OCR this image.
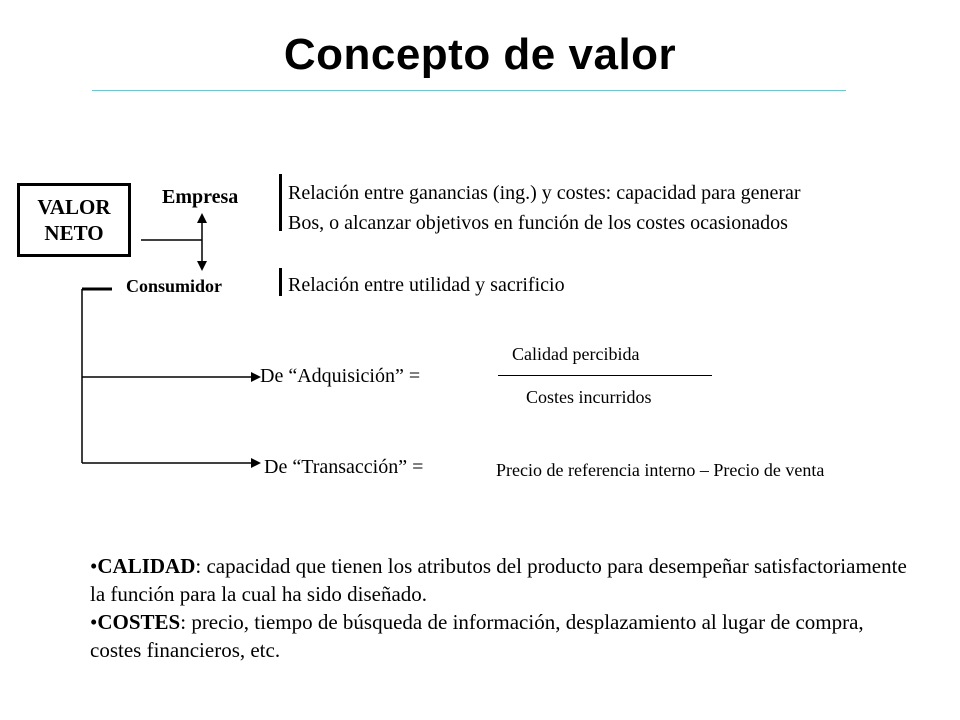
Concepto de valor
VALOR
NETO
Empresa Relación entre ganancias (ing.) y costes: capacidad para generar
Bos, o alcanzar objetivos en función de los costes ocasionados
Consumidor	Relación entre utilidad y sacrificio
De “Adquisición” =
Calidad percibida
Costes incurridos
De “Transacción” =	Precio de referencia interno – Precio de venta

•CALIDAD: capacidad que tienen los atributos del producto para desempeñar satisfactoriamente la función para la cual ha sido diseñado.

•COSTES: precio, tiempo de búsqueda de información, desplazamiento al lugar de compra, costes financieros, etc.
